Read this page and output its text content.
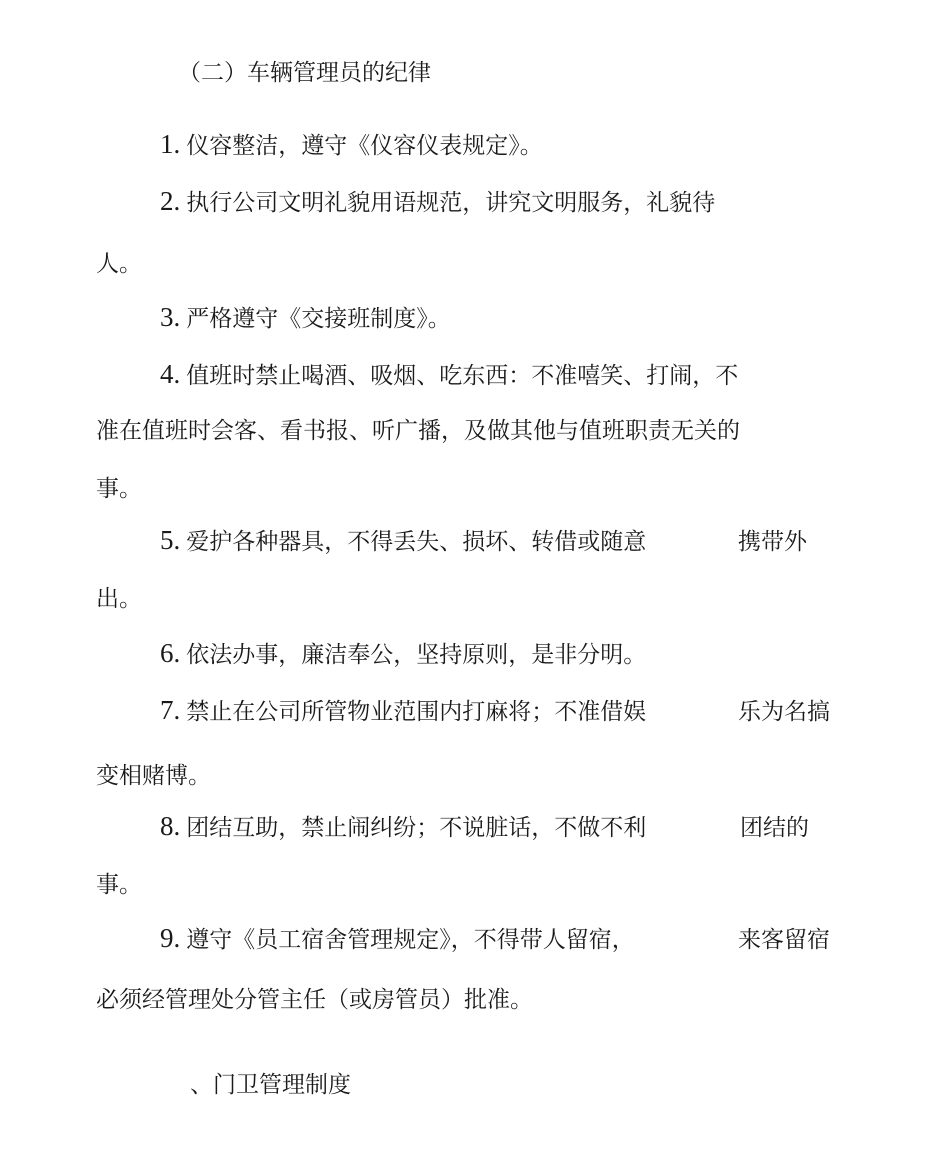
（二）车辆管理员的纪律
1. 仪容整洁，遵守《仪容仪表规定》。
2. 执行公司文明礼貌用语规范，讲究文明服务，礼貌待
人。
3. 严格遵守《交接班制度》。
4. 值班时禁止喝酒、吸烟、吃东西：不准嘻笑、打闹，不
准在值班时会客、看书报、听广播，及做其他与值班职责无关的
事。
5. 爱护各种器具，不得丢失、损坏、转借或随意	携带外
出。
6. 依法办事，廉洁奉公，坚持原则，是非分明。
7. 禁止在公司所管物业范围内打麻将；不准借娱	乐为名搞
变相赌博。
8. 团结互助，禁止闹纠纷；不说脏话，不做不利	团结的
事。
9. 遵守《员工宿舍管理规定》，不得带人留宿，	来客留宿
必须经管理处分管主任（或房管员）批准。
、门卫管理制度
